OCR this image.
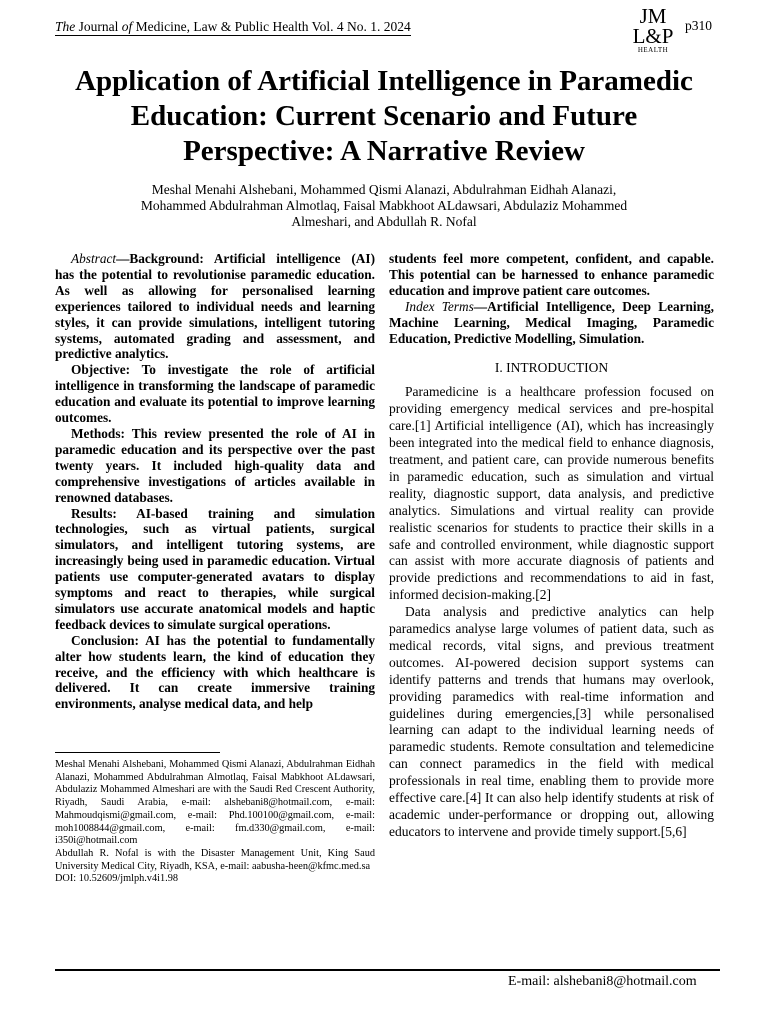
The Journal of Medicine, Law & Public Health Vol. 4 No. 1. 2024	JM
L&P
HEALTH
p310
Application of Artificial Intelligence in Paramedic Education: Current Scenario and Future Perspective: A Narrative Review
Meshal Menahi Alshebani, Mohammed Qismi Alanazi, Abdulrahman Eidhah Alanazi, Mohammed Abdulrahman Almotlaq, Faisal Mabkhoot ALdawsari, Abdulaziz Mohammed Almeshari, and Abdullah R. Nofal

Abstract—Background: Artificial intelligence (AI) has the potential to revolutionise paramedic education. As well as allowing for personalised learning experiences tailored to individual needs and learning styles, it can provide simulations, intelligent tutoring systems, automated grading and assessment, and predictive analytics.

Objective: To investigate the role of artificial intelligence in transforming the landscape of paramedic education and evaluate its potential to improve learning outcomes.

Methods: This review presented the role of AI in paramedic education and its perspective over the past twenty years. It included high-quality data and comprehensive investigations of articles available in renowned databases.

Results: AI-based training and simulation technologies, such as virtual patients, surgical simulators, and intelligent tutoring systems, are increasingly being used in paramedic education. Virtual patients use computer-generated avatars to display symptoms and react to therapies, while surgical simulators use accurate anatomical models and haptic feedback devices to simulate surgical operations.

Conclusion: AI has the potential to fundamentally alter how students learn, the kind of education they receive, and the efficiency with which healthcare is delivered. It can create immersive training environments, analyse medical data, and help

Meshal Menahi Alshebani, Mohammed Qismi Alanazi, Abdulrahman Eidhah Alanazi, Mohammed Abdulrahman Almotlaq, Faisal Mabkhoot ALdawsari, Abdulaziz Mohammed Almeshari are with the Saudi Red Crescent Authority, Riyadh, Saudi Arabia, e-mail: alshebani8@hotmail.com, e-mail: Mahmoudqismi@gmail.com, e-mail: Phd.100100@gmail.com, e-mail: moh1008844@gmail.com, e-mail: fm.d330@gmail.com, e-mail: i350i@hotmail.com

Abdullah R. Nofal is with the Disaster Management Unit, King Saud University Medical City, Riyadh, KSA, e-mail: aabusha-heen@kfmc.med.sa

DOI: 10.52609/jmlph.v4i1.98

students feel more competent, confident, and capable. This potential can be harnessed to enhance paramedic education and improve patient care outcomes.

Index Terms—Artificial Intelligence, Deep Learning, Machine Learning, Medical Imaging, Paramedic Education, Predictive Modelling, Simulation.

I. INTRODUCTION

Paramedicine is a healthcare profession focused on providing emergency medical services and pre-hospital care.[1] Artificial intelligence (AI), which has increasingly been integrated into the medical field to enhance diagnosis, treatment, and patient care, can provide numerous benefits in paramedic education, such as simulation and virtual reality, diagnostic support, data analysis, and predictive analytics. Simulations and virtual reality can provide realistic scenarios for students to practice their skills in a safe and controlled environment, while diagnostic support can assist with more accurate diagnosis of patients and provide predictions and recommendations to aid in fast, informed decision-making.[2]

Data analysis and predictive analytics can help paramedics analyse large volumes of patient data, such as medical records, vital signs, and previous treatment outcomes. AI-powered decision support systems can identify patterns and trends that humans may overlook, providing paramedics with real-time information and guidelines during emergencies,[3] while personalised learning can adapt to the individual learning needs of paramedic students. Remote consultation and telemedicine can connect paramedics in the field with medical professionals in real time, enabling them to provide more effective care.[4] It can also help identify students at risk of academic under-performance or dropping out, allowing educators to intervene and provide timely support.[5,6]

E-mail: alshebani8@hotmail.com
